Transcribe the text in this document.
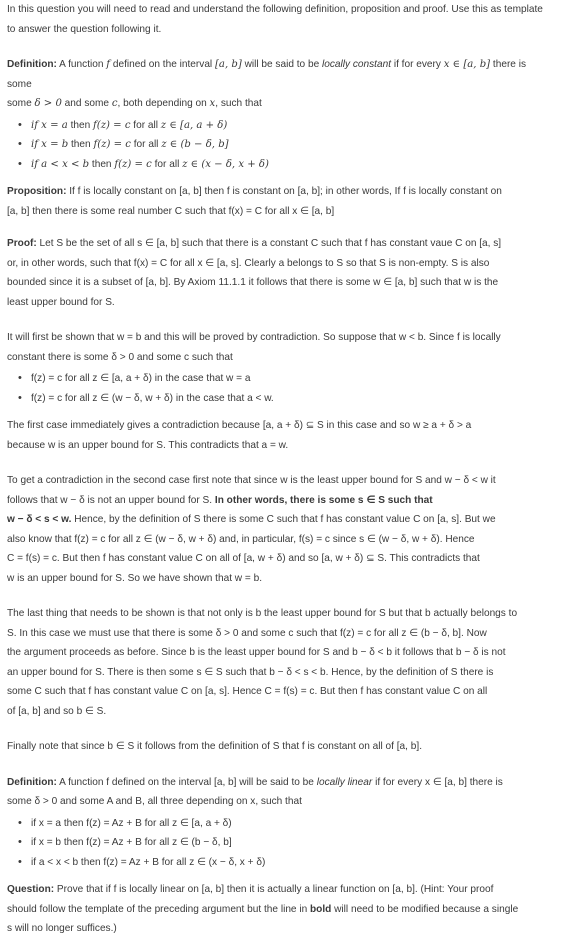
In this question you will need to read and understand the following definition, proposition and proof. Use this as template to answer the question following it.

Definition: A function f defined on the interval [a, b] will be said to be locally constant if for every x ∈ [a, b] there is some

some δ > 0 and some c, both depending on x, such that

• if x = a then f(z) = c for all z ∈ [a, a + δ)
• if x = b then f(z) = c for all z ∈ (b − δ, b]
• if a < x < b then f(z) = c for all z ∈ (x − δ, x + δ)

Proposition: If f is locally constant on [a, b] then f is constant on [a, b]; in other words, If f is locally constant on

[a, b] then there is some real number C such that f(x) = C for all x ∈ [a, b]

Proof: Let S be the set of all s ∈ [a, b] such that there is a constant C such that f has constant vaue C on [a, s]

or, in other words, such that f(x) = C for all x ∈ [a, s]. Clearly a belongs to S so that S is non-empty. S is also

bounded since it is a subset of [a, b]. By Axiom 11.1.1 it follows that there is some w ∈ [a, b] such that w is the

least upper bound for S.

It will first be shown that w = b and this will be proved by contradiction. So suppose that w < b. Since f is locally

constant there is some δ > 0 and some c such that

• f(z) = c for all z ∈ [a, a + δ) in the case that w = a
• f(z) = c for all z ∈ (w − δ, w + δ) in the case that a < w.

The first case immediately gives a contradiction because [a, a + δ) ⊆ S in this case and so w ≥ a + δ > a

because w is an upper bound for S. This contradicts that a = w.

To get a contradiction in the second case first note that since w is the least upper bound for S and w − δ < w it

follows that w − δ is not an upper bound for S. In other words, there is some s ∈ S such that

w − δ < s < w. Hence, by the definition of S there is some C such that f has constant value C on [a, s]. But we

also know that f(z) = c for all z ∈ (w − δ, w + δ) and, in particular, f(s) = c since s ∈ (w − δ, w + δ). Hence

C = f(s) = c. But then f has constant value C on all of [a, w + δ) and so [a, w + δ) ⊆ S. This contradicts that

w is an upper bound for S. So we have shown that w = b.

The last thing that needs to be shown is that not only is b the least upper bound for S but that b actually belongs to

S. In this case we must use that there is some δ > 0 and some c such that f(z) = c for all z ∈ (b − δ, b]. Now

the argument proceeds as before. Since b is the least upper bound for S and b − δ < b it follows that b − δ is not

an upper bound for S. There is then some s ∈ S such that b − δ < s < b. Hence, by the definition of S there is

some C such that f has constant value C on [a, s]. Hence C = f(s) = c. But then f has constant value C on all

of [a, b] and so b ∈ S.

Finally note that since b ∈ S it follows from the definition of S that f is constant on all of [a, b].

Definition: A function f defined on the interval [a, b] will be said to be locally linear if for every x ∈ [a, b] there is

some δ > 0 and some A and B, all three depending on x, such that

• if x = a then f(z) = Az + B for all z ∈ [a, a + δ)
• if x = b then f(z) = Az + B for all z ∈ (b − δ, b]
• if a < x < b then f(z) = Az + B for all z ∈ (x − δ, x + δ)

Question: Prove that if f is locally linear on [a, b] then it is actually a linear function on [a, b]. (Hint: Your proof

should follow the template of the preceding argument but the line in bold will need to be modified because a single

s will no longer suffices.)
